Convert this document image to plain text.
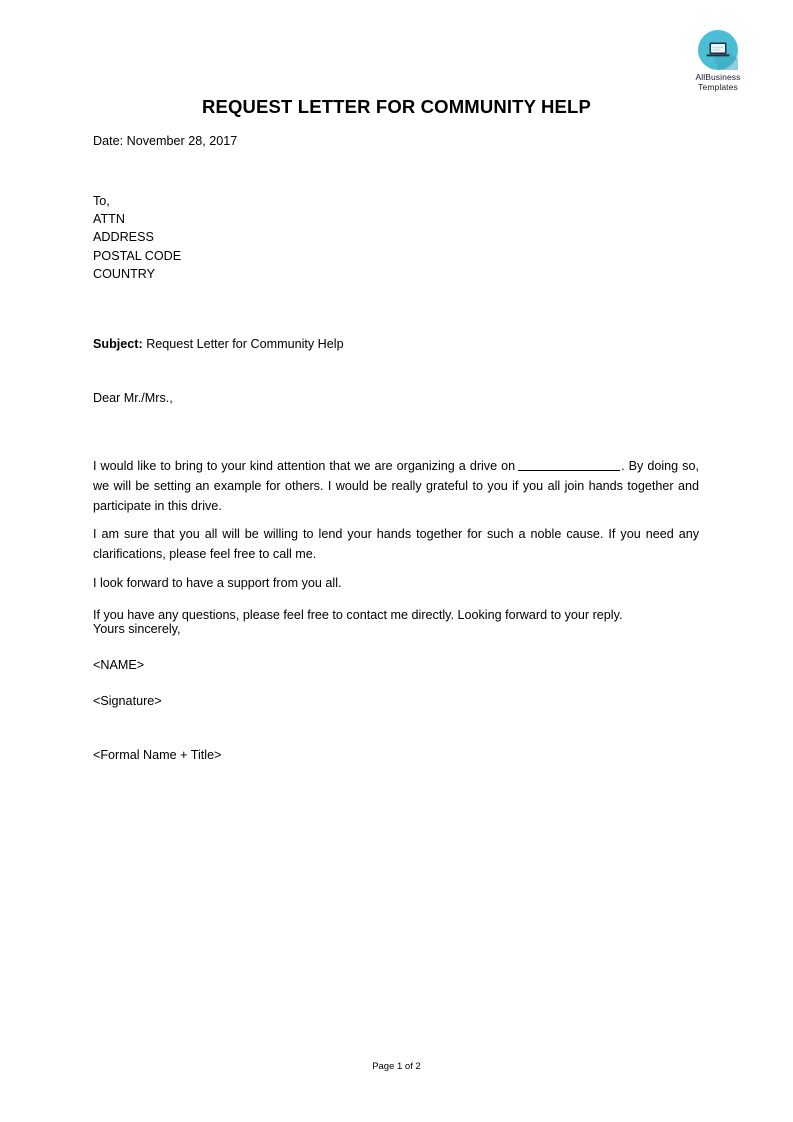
AllBusiness
Templates
REQUEST LETTER FOR COMMUNITY HELP
Date: November 28, 2017
To,
ATTN
ADDRESS
POSTAL CODE
COUNTRY
Subject: Request Letter for Community Help
Dear Mr./Mrs.,

I would like to bring to your kind attention that we are organizing a drive on	. By doing so, we will be setting an example for others. I would be really grateful to you if you all join hands together and participate in this drive.

I am sure that you all will be willing to lend your hands together for such a noble cause. If you need any clarifications, please feel free to call me.

I look forward to have a support from you all.

If you have any questions, please feel free to contact me directly. Looking forward to your reply.

Yours sincerely,
<NAME>
<Signature>
<Formal Name + Title>
Page 1 of 2
